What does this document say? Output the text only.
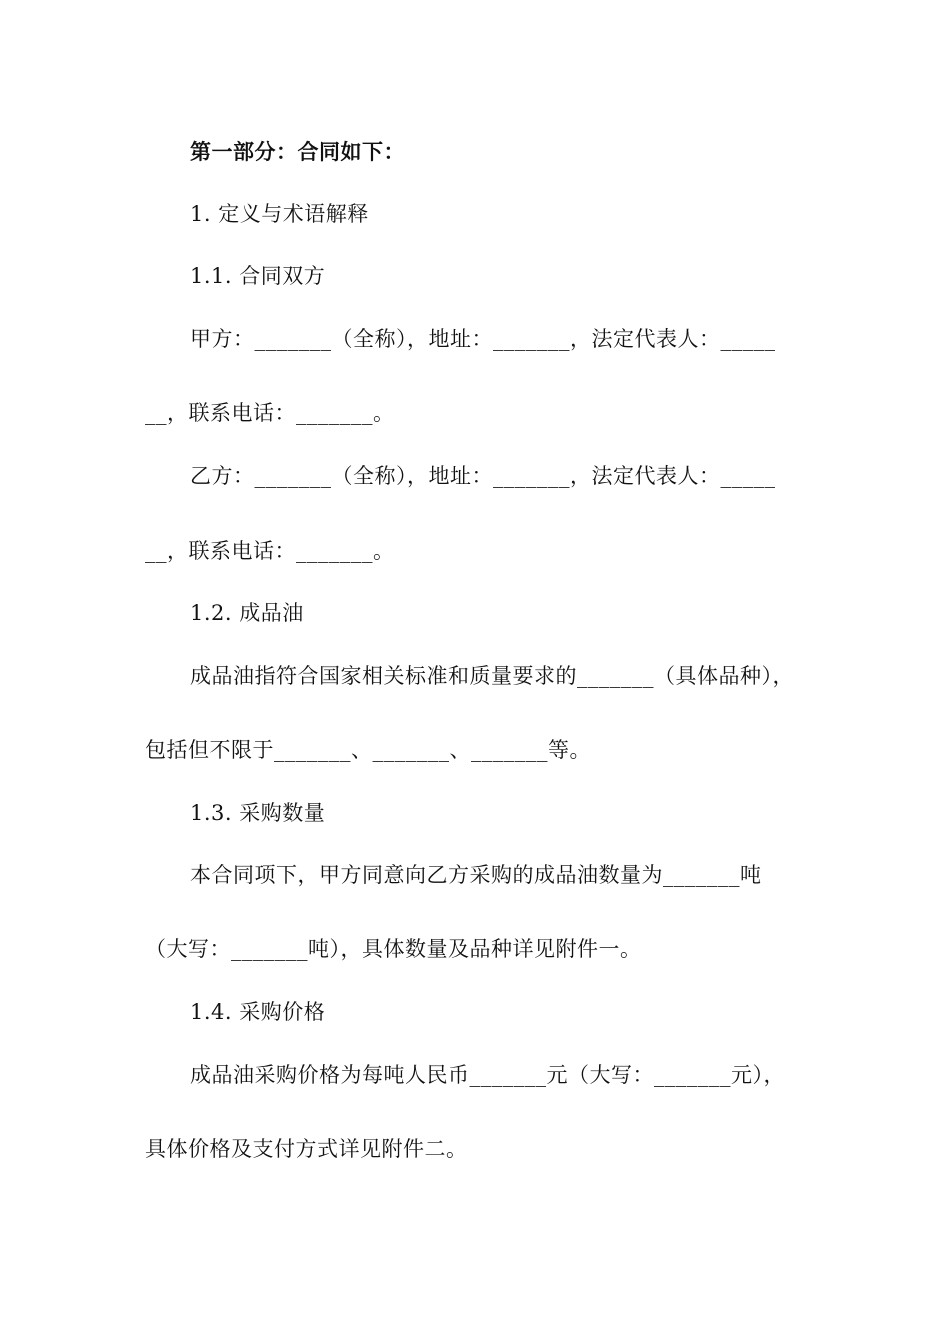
第一部分：合同如下：
1. 定义与术语解释
1.1. 合同双方
甲方：_______（全称），地址：_______，法定代表人：_____
__，联系电话：_______。
乙方：_______（全称），地址：_______，法定代表人：_____
__，联系电话：_______。
1.2. 成品油
成品油指符合国家相关标准和质量要求的_______（具体品种），
包括但不限于_______、_______、_______等。
1.3. 采购数量
本合同项下，甲方同意向乙方采购的成品油数量为_______吨
（大写：_______吨），具体数量及品种详见附件一。
1.4. 采购价格
成品油采购价格为每吨人民币_______元（大写：_______元），
具体价格及支付方式详见附件二。
